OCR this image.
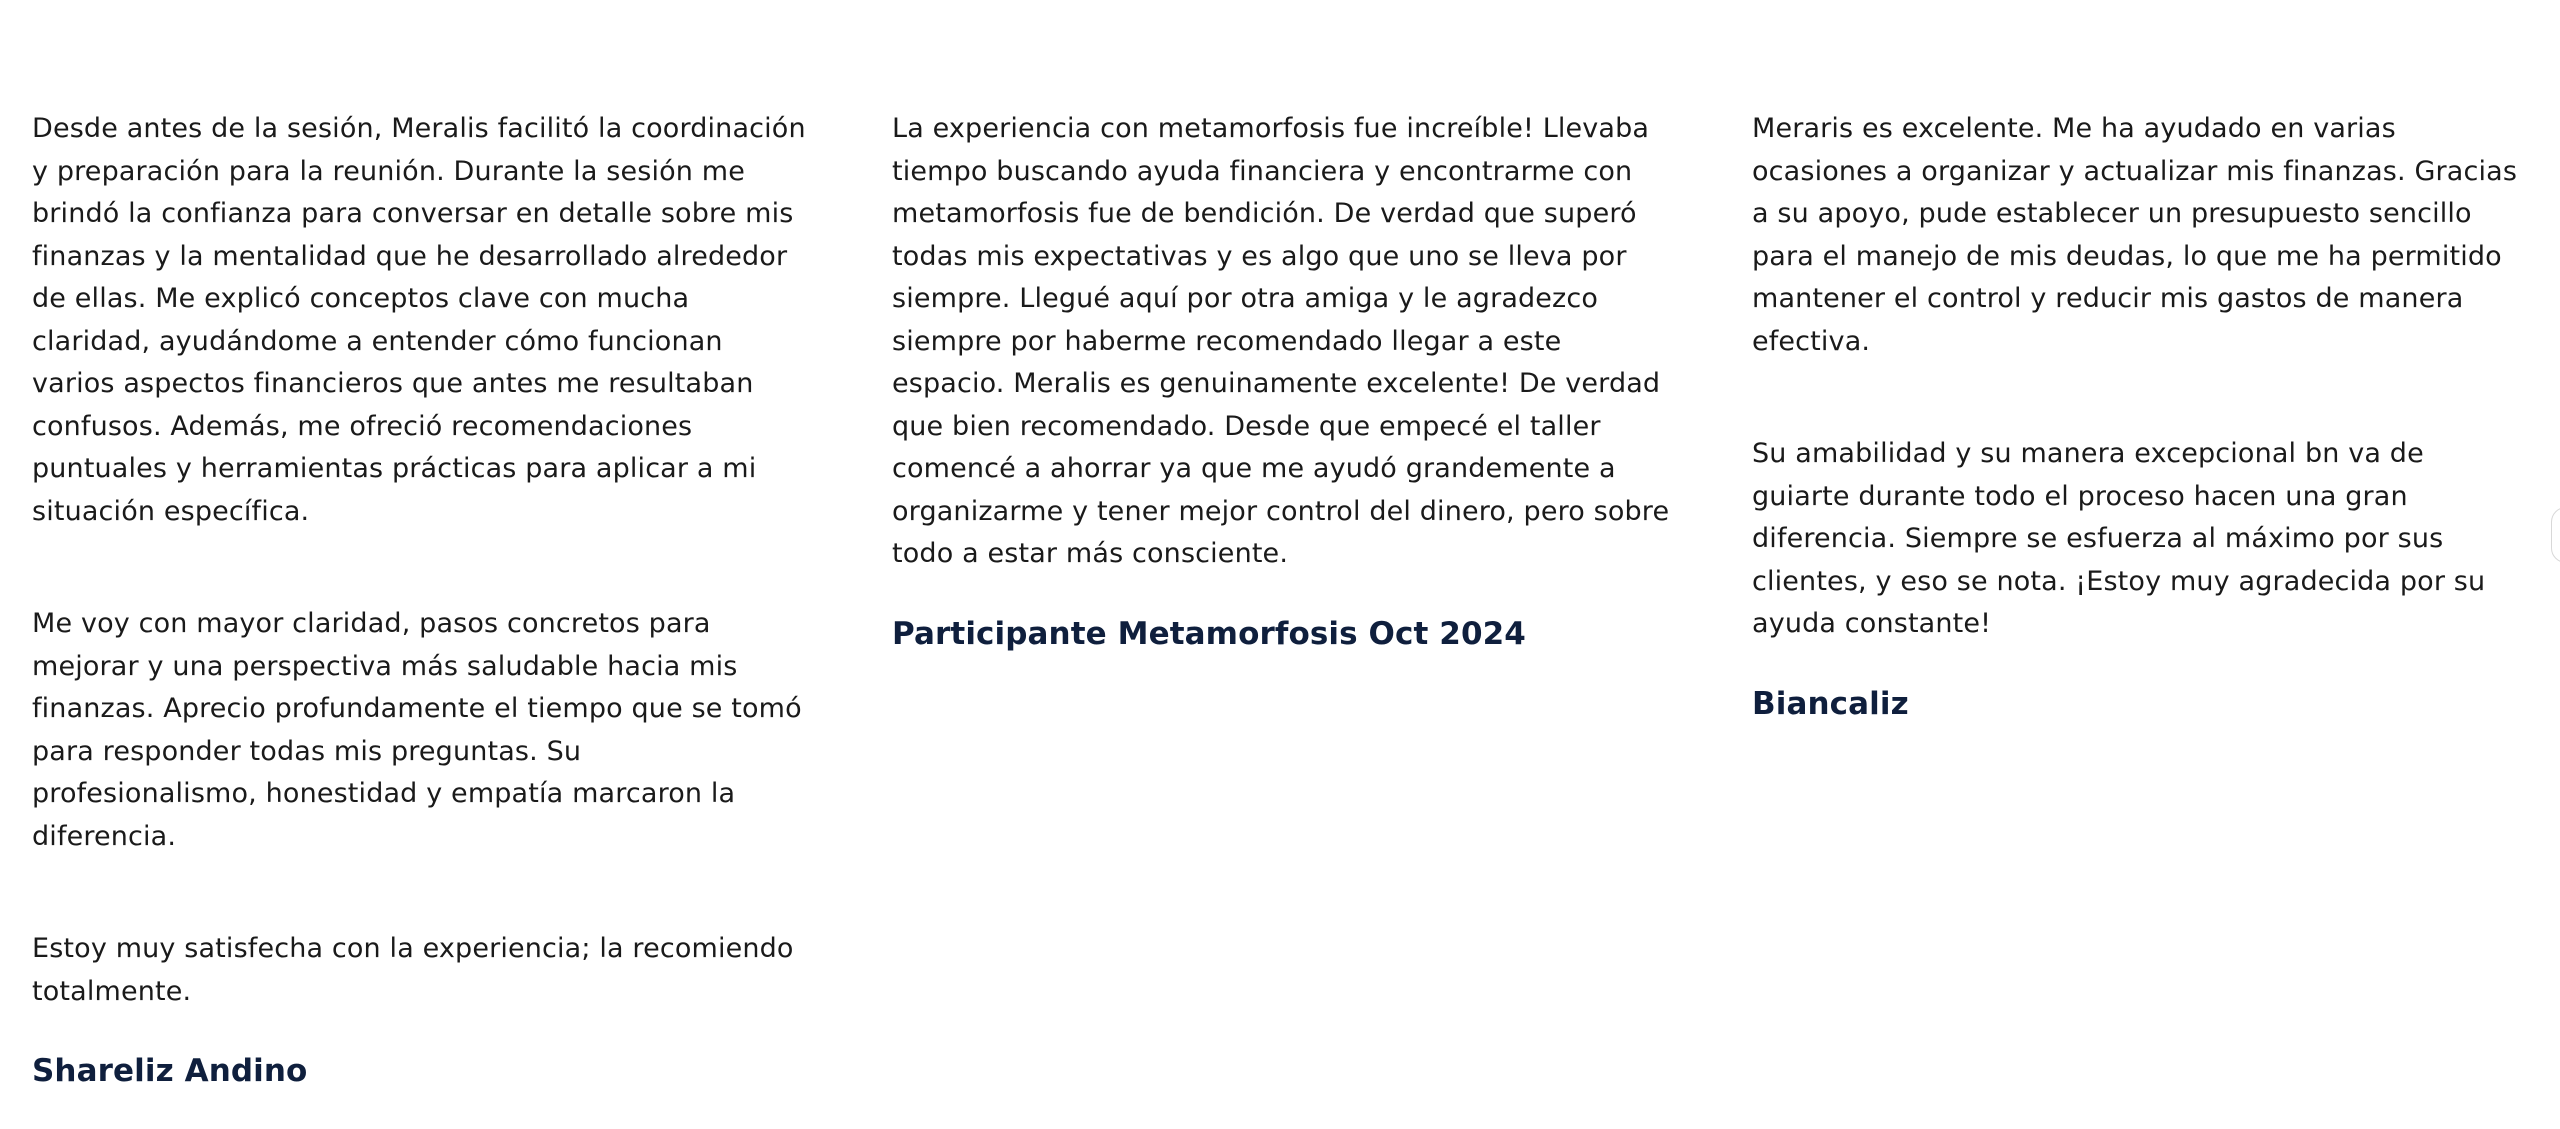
Desde antes de la sesión, Meralis facilitó la coordinación
y preparación para la reunión. Durante la sesión me
brindó la confianza para conversar en detalle sobre mis
finanzas y la mentalidad que he desarrollado alrededor
de ellas. Me explicó conceptos clave con mucha
claridad, ayudándome a entender cómo funcionan
varios aspectos financieros que antes me resultaban
confusos. Además, me ofreció recomendaciones
puntuales y herramientas prácticas para aplicar a mi
situación específica.

Me voy con mayor claridad, pasos concretos para
mejorar y una perspectiva más saludable hacia mis
finanzas. Aprecio profundamente el tiempo que se tomó
para responder todas mis preguntas. Su
profesionalismo, honestidad y empatía marcaron la
diferencia.

Estoy muy satisfecha con la experiencia; la recomiendo
totalmente.

Shareliz Andino

La experiencia con metamorfosis fue increíble! Llevaba
tiempo buscando ayuda financiera y encontrarme con
metamorfosis fue de bendición. De verdad que superó
todas mis expectativas y es algo que uno se lleva por
siempre. Llegué aquí por otra amiga y le agradezco
siempre por haberme recomendado llegar a este
espacio. Meralis es genuinamente excelente! De verdad
que bien recomendado. Desde que empecé el taller
comencé a ahorrar ya que me ayudó grandemente a
organizarme y tener mejor control del dinero, pero sobre
todo a estar más consciente.

Participante Metamorfosis Oct 2024

Meraris es excelente. Me ha ayudado en varias
ocasiones a organizar y actualizar mis finanzas. Gracias
a su apoyo, pude establecer un presupuesto sencillo
para el manejo de mis deudas, lo que me ha permitido
mantener el control y reducir mis gastos de manera
efectiva.

Su amabilidad y su manera excepcional bn va de
guiarte durante todo el proceso hacen una gran
diferencia. Siempre se esfuerza al máximo por sus
clientes, y eso se nota. ¡Estoy muy agradecida por su
ayuda constante!

Biancaliz
